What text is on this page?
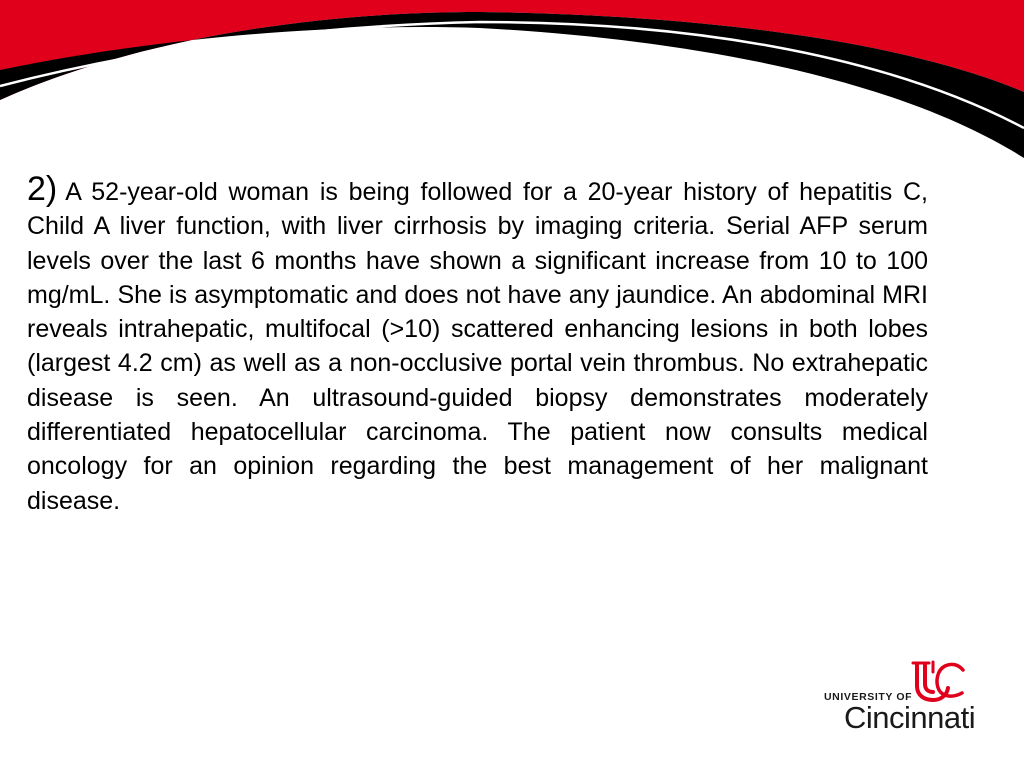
2) A 52-year-old woman is being followed for a 20-year history of hepatitis C, Child A liver function, with liver cirrhosis by imaging criteria. Serial AFP serum levels over the last 6 months have shown a significant increase from 10 to 100 mg/mL. She is asymptomatic and does not have any jaundice. An abdominal MRI reveals intrahepatic, multifocal (>10) scattered enhancing lesions in both lobes (largest 4.2 cm) as well as a non-occlusive portal vein thrombus. No extrahepatic disease is seen. An ultrasound-guided biopsy demonstrates moderately differentiated hepatocellular carcinoma. The patient now consults medical oncology for an opinion regarding the best management of her malignant disease.

UNIVERSITY OF
Cincinnati
